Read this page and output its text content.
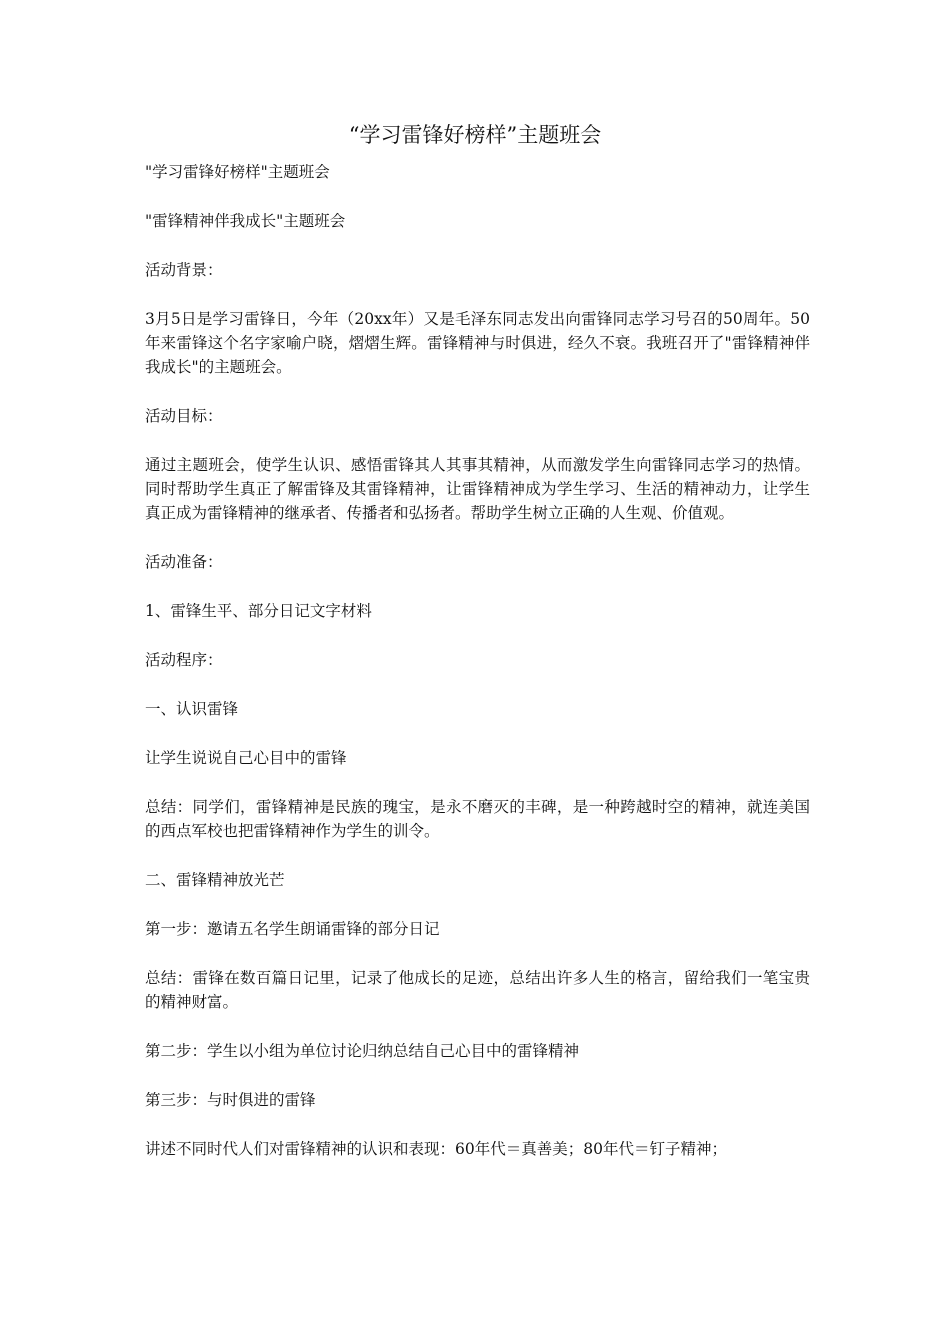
“学习雷锋好榜样”主题班会

"学习雷锋好榜样"主题班会

"雷锋精神伴我成长"主题班会

活动背景：

3月5日是学习雷锋日，今年（20xx年）又是毛泽东同志发出向雷锋同志学习号召的50周年。50年来雷锋这个名字家喻户晓，熠熠生辉。雷锋精神与时俱进，经久不衰。我班召开了"雷锋精神伴我成长"的主题班会。

活动目标：

通过主题班会，使学生认识、感悟雷锋其人其事其精神，从而激发学生向雷锋同志学习的热情。同时帮助学生真正了解雷锋及其雷锋精神，让雷锋精神成为学生学习、生活的精神动力，让学生真正成为雷锋精神的继承者、传播者和弘扬者。帮助学生树立正确的人生观、价值观。

活动准备：

1、雷锋生平、部分日记文字材料

活动程序：

一、认识雷锋

让学生说说自己心目中的雷锋

总结：同学们，雷锋精神是民族的瑰宝，是永不磨灭的丰碑，是一种跨越时空的精神，就连美国的西点军校也把雷锋精神作为学生的训令。

二、雷锋精神放光芒

第一步：邀请五名学生朗诵雷锋的部分日记

总结：雷锋在数百篇日记里，记录了他成长的足迹，总结出许多人生的格言，留给我们一笔宝贵的精神财富。

第二步：学生以小组为单位讨论归纳总结自己心目中的雷锋精神

第三步：与时俱进的雷锋

讲述不同时代人们对雷锋精神的认识和表现：60年代＝真善美；80年代＝钉子精神；
